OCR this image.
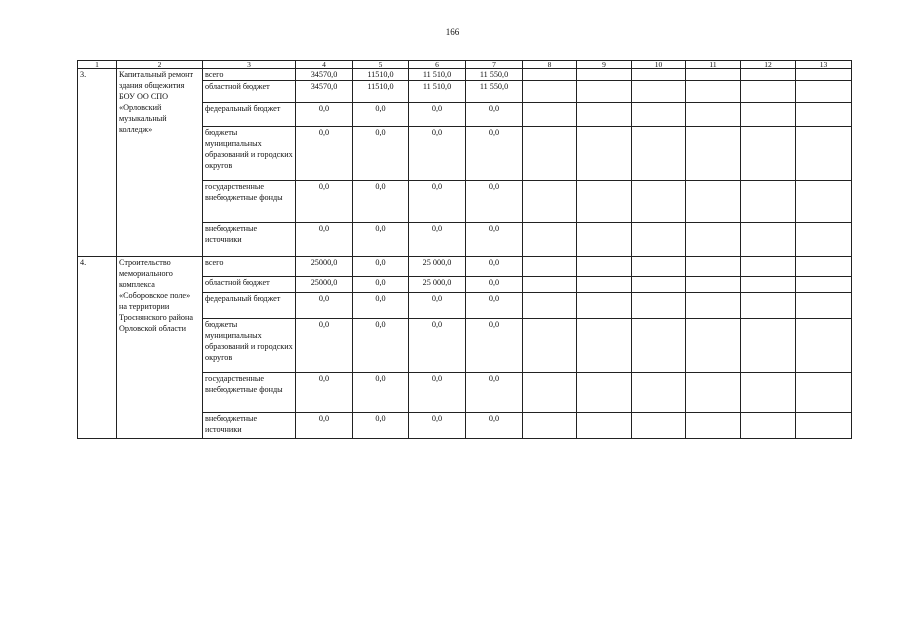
166
1	2	3	4	5	6	7	8	9	10	11	12	13
3.	Капитальный ремонт здания общежития БОУ ОО СПО «Орловский музыкальный колледж»	всего	34570,0	11510,0	11 510,0	11 550,0						
		областной бюджет	34570,0	11510,0	11 510,0	11 550,0						
		федеральный бюджет	0,0	0,0	0,0	0,0						
		бюджеты муниципальных образований и городских округов	0,0	0,0	0,0	0,0						
		государственные внебюджетные фонды	0,0	0,0	0,0	0,0						
		внебюджетные источники	0,0	0,0	0,0	0,0						
4.	Строительство мемориального комплекса «Соборовское поле» на территории Троснянского района Орловской области	всего	25000,0	0,0	25 000,0	0,0						
		областной бюджет	25000,0	0,0	25 000,0	0,0						
		федеральный бюджет	0,0	0,0	0,0	0,0						
		бюджеты муниципальных образований и городских округов	0,0	0,0	0,0	0,0						
		государственные внебюджетные фонды	0,0	0,0	0,0	0,0						
		внебюджетные источники	0,0	0,0	0,0	0,0						
